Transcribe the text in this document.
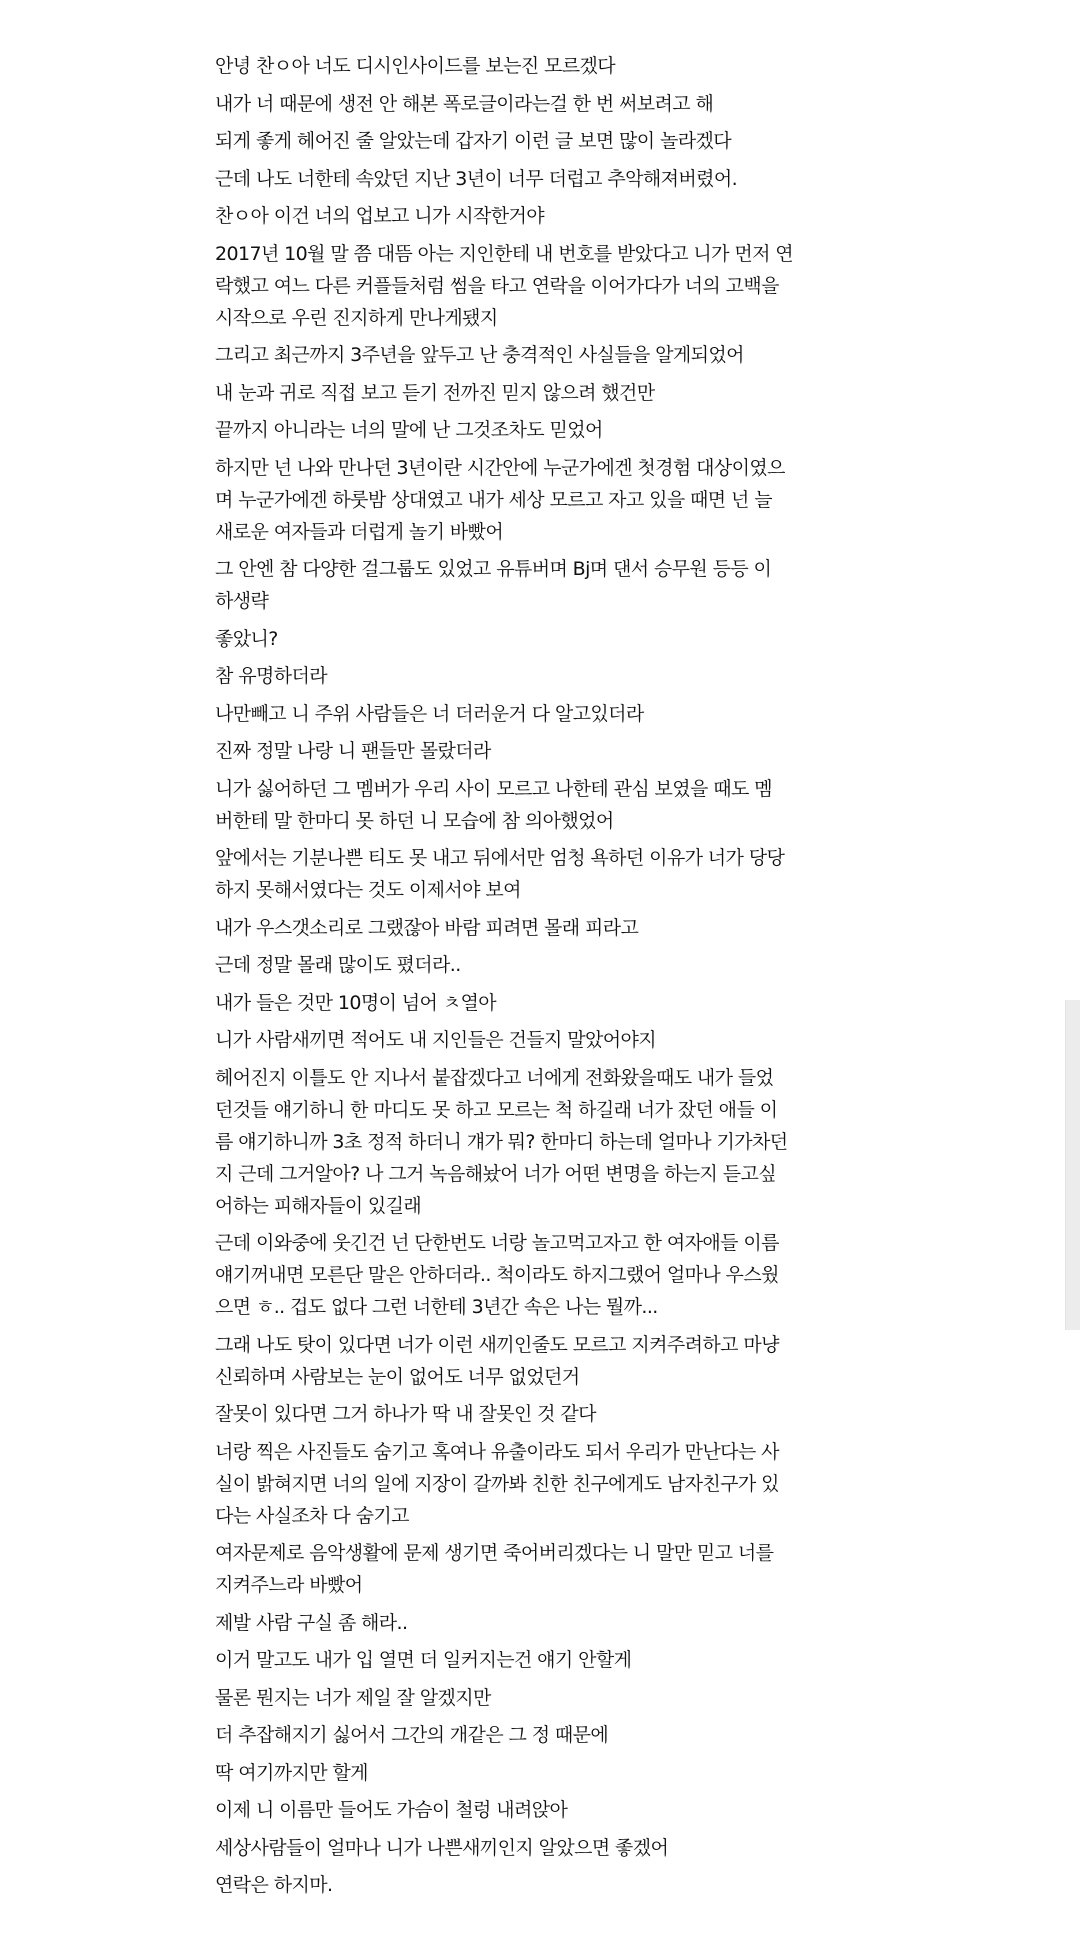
안녕 찬ㅇ아 너도 디시인사이드를 보는진 모르겠다

내가 너 때문에 생전 안 해본 폭로글이라는걸 한 번 써보려고 해

되게 좋게 헤어진 줄 알았는데 갑자기 이런 글 보면 많이 놀라겠다

근데 나도 너한테 속았던 지난 3년이 너무 더럽고 추악해져버렸어.

찬ㅇ아 이건 너의 업보고 니가 시작한거야

2017년 10월 말 쯤 대뜸 아는 지인한테 내 번호를 받았다고 니가 먼저 연
락했고 여느 다른 커플들처럼 썸을 타고 연락을 이어가다가 너의 고백을
시작으로 우린 진지하게 만나게됐지

그리고 최근까지 3주년을 앞두고 난 충격적인 사실들을 알게되었어

내 눈과 귀로 직접 보고 듣기 전까진 믿지 않으려 했건만

끝까지 아니라는 너의 말에 난 그것조차도 믿었어

하지만 넌 나와 만나던 3년이란 시간안에 누군가에겐 첫경험 대상이였으
며 누군가에겐 하룻밤 상대였고 내가 세상 모르고 자고 있을 때면 넌 늘
새로운 여자들과 더럽게 놀기 바빴어

그 안엔 참 다양한 걸그룹도 있었고 유튜버며 Bj며 댄서 승무원 등등 이
하생략

좋았니?

참 유명하더라

나만빼고 니 주위 사람들은 너 더러운거 다 알고있더라

진짜 정말 나랑 니 팬들만 몰랐더라

니가 싫어하던 그 멤버가 우리 사이 모르고 나한테 관심 보였을 때도 멤
버한테 말 한마디 못 하던 니 모습에 참 의아했었어

앞에서는 기분나쁜 티도 못 내고 뒤에서만 엄청 욕하던 이유가 너가 당당
하지 못해서였다는 것도 이제서야 보여

내가 우스갯소리로 그랬잖아 바람 피려면 몰래 피라고

근데 정말 몰래 많이도 폈더라..

내가 들은 것만 10명이 넘어 ㅊ열아

니가 사람새끼면 적어도 내 지인들은 건들지 말았어야지

헤어진지 이틀도 안 지나서 붙잡겠다고 너에게 전화왔을때도 내가 들었
던것들 얘기하니 한 마디도 못 하고 모르는 척 하길래 너가 잤던 애들 이
름 얘기하니까 3초 정적 하더니 걔가 뭐? 한마디 하는데 얼마나 기가차던
지 근데 그거알아? 나 그거 녹음해놨어 너가 어떤 변명을 하는지 듣고싶
어하는 피해자들이 있길래

근데 이와중에 웃긴건 넌 단한번도 너랑 놀고먹고자고 한 여자애들 이름
얘기꺼내면 모른단 말은 안하더라.. 척이라도 하지그랬어 얼마나 우스웠
으면 ㅎ.. 겁도 없다 그런 너한테 3년간 속은 나는 뭘까...

그래 나도 탓이 있다면 너가 이런 새끼인줄도 모르고 지켜주려하고 마냥
신뢰하며 사람보는 눈이 없어도 너무 없었던거

잘못이 있다면 그거 하나가 딱 내 잘못인 것 같다

너랑 찍은 사진들도 숨기고 혹여나 유출이라도 되서 우리가 만난다는 사
실이 밝혀지면 너의 일에 지장이 갈까봐 친한 친구에게도 남자친구가 있
다는 사실조차 다 숨기고

여자문제로 음악생활에 문제 생기면 죽어버리겠다는 니 말만 믿고 너를
지켜주느라 바빴어

제발 사람 구실 좀 해라..

이거 말고도 내가 입 열면 더 일커지는건 얘기 안할게

물론 뭔지는 너가 제일 잘 알겠지만

더 추잡해지기 싫어서 그간의 개같은 그 정 때문에

딱 여기까지만 할게

이제 니 이름만 들어도 가슴이 철렁 내려앉아

세상사람들이 얼마나 니가 나쁜새끼인지 알았으면 좋겠어

연락은 하지마.
